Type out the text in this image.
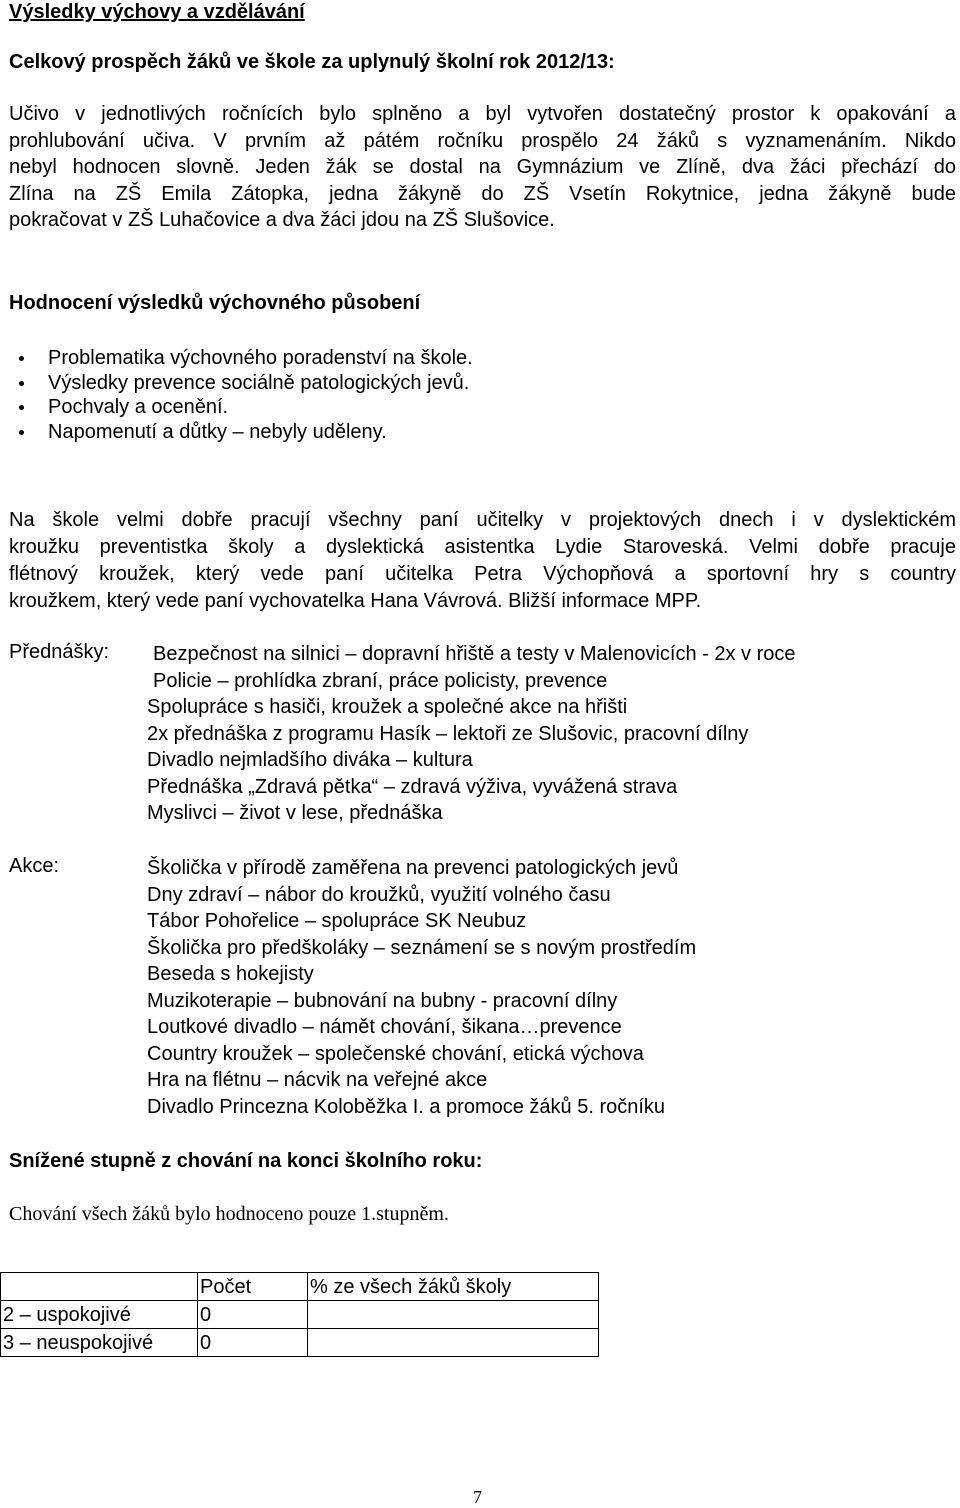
Výsledky výchovy a vzdělávání
Celkový prospěch žáků ve škole za uplynulý školní rok 2012/13:
Učivo v jednotlivých ročnících bylo splněno a byl vytvořen dostatečný prostor k opakování a
prohlubování učiva. V prvním až pátém ročníku prospělo 24 žáků s vyznamenáním. Nikdo
nebyl hodnocen slovně. Jeden žák se dostal na Gymnázium ve Zlíně, dva žáci přechází do
Zlína na ZŠ Emila Zátopka, jedna žákyně do ZŠ Vsetín Rokytnice, jedna žákyně bude
pokračovat v ZŠ Luhačovice a dva žáci jdou na ZŠ Slušovice.
Hodnocení výsledků výchovného působení
Problematika výchovného poradenství na škole.
Výsledky prevence sociálně patologických jevů.
Pochvaly a ocenění.
Napomenutí a důtky – nebyly uděleny.
Na škole velmi dobře pracují všechny paní učitelky v projektových dnech i v dyslektickém
kroužku preventistka školy a dyslektická asistentka Lydie Staroveská. Velmi dobře pracuje
flétnový kroužek, který vede paní učitelka Petra Výchopňová a sportovní hry s country
kroužkem, který vede paní vychovatelka Hana Vávrová. Bližší informace MPP.
Přednášky:	Bezpečnost na silnici – dopravní hřiště a testy v Malenovicích - 2x v roce
Policie – prohlídka zbraní, práce policisty, prevence
Spolupráce s hasiči, kroužek a společné akce na hřišti
2x přednáška z programu Hasík – lektoři ze Slušovic, pracovní dílny
Divadlo nejmladšího diváka – kultura
Přednáška „Zdravá pětka“ – zdravá výživa, vyvážená strava
Myslivci – život v lese, přednáška
Akce:	Školička v přírodě zaměřena na prevenci patologických jevů
Dny zdraví – nábor do kroužků, využití volného času
Tábor Pohořelice – spolupráce SK Neubuz
Školička pro předškoláky – seznámení se s novým prostředím
Beseda s hokejisty
Muzikoterapie – bubnování na bubny - pracovní dílny
Loutkové divadlo – námět chování, šikana…prevence
Country kroužek – společenské chování, etická výchova
Hra na flétnu – nácvik na veřejné akce
Divadlo Princezna Koloběžka I. a promoce žáků 5. ročníku
Snížené stupně z chování na konci školního roku:
Chování všech žáků bylo hodnoceno pouze 1.stupněm.
	Počet	% ze všech žáků školy
2 – uspokojivé	0	
3 – neuspokojivé	0	
7
